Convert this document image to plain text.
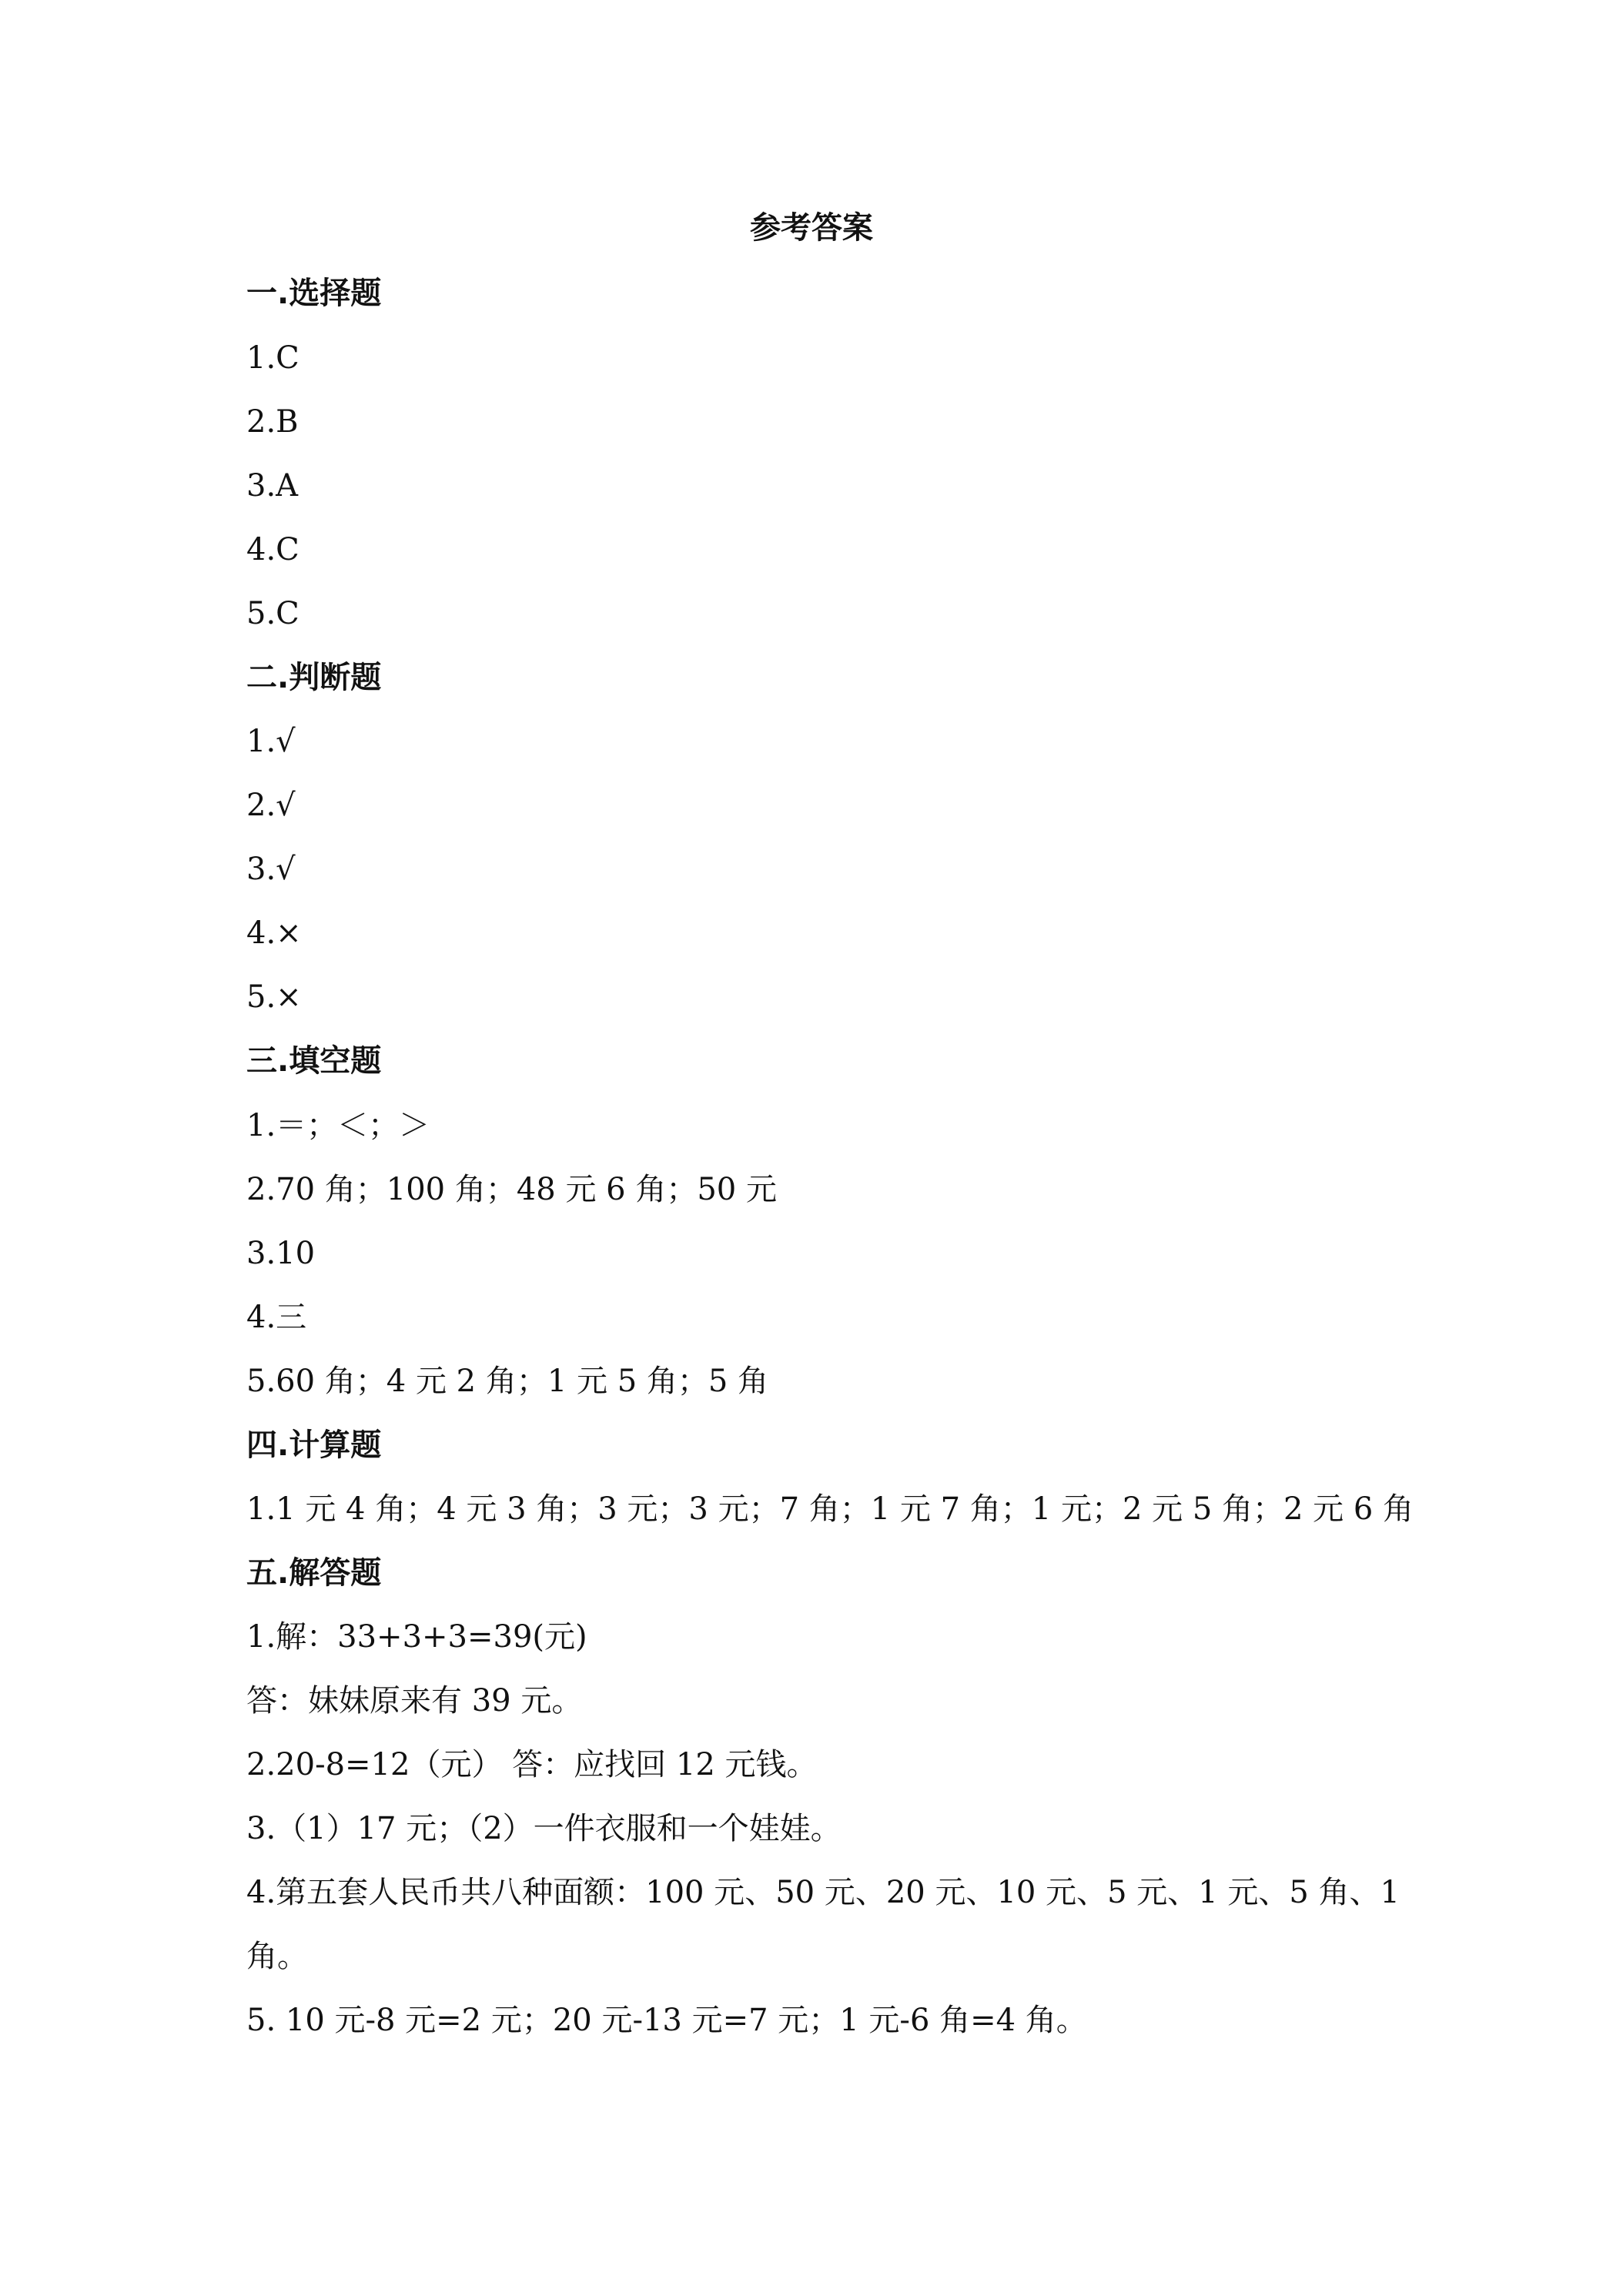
参考答案
一.选择题
1.C
2.B
3.A
4.C
5.C
二.判断题
1.√
2.√
3.√
4.×
5.×
三.填空题
1.＝；＜；＞
2.70 角；100 角；48 元 6 角；50 元
3.10
4.三
5.60 角；4 元 2 角；1 元 5 角；5 角
四.计算题
1.1 元 4 角；4 元 3 角；3 元；3 元；7 角；1 元 7 角；1 元；2 元 5 角；2 元 6 角
五.解答题
1.解：33+3+3=39(元)
答：妹妹原来有 39 元。
2.20-8=12（元） 答：应找回 12 元钱。
3.（1）17 元；（2）一件衣服和一个娃娃。
4.第五套人民币共八种面额：100 元、50 元、20 元、10 元、5 元、1 元、5 角、1
角。
5. 10 元-8 元=2 元；20 元-13 元=7 元；1 元-6 角=4 角。
